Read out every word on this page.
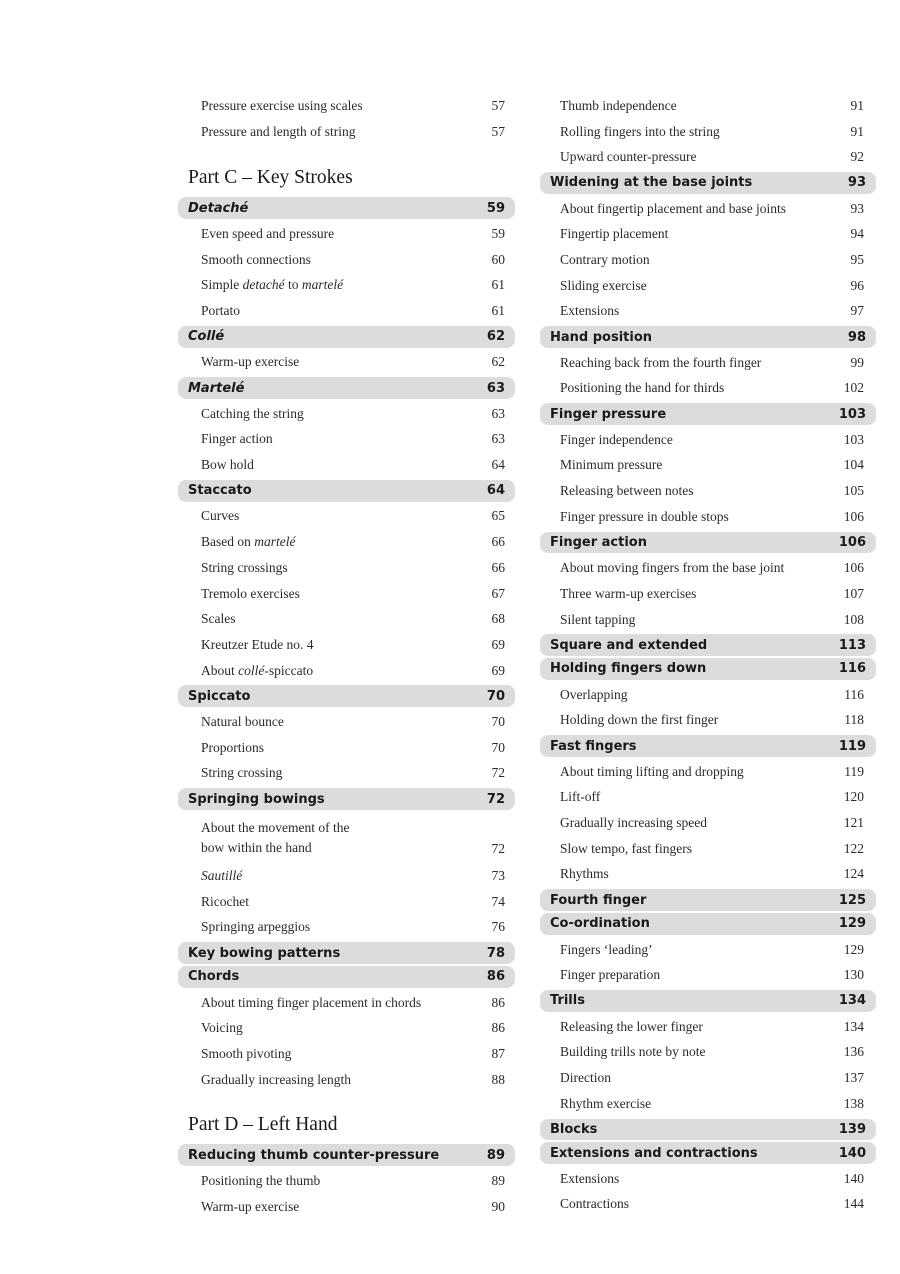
Pressure exercise using scales	57
Pressure and length of string	57
Part C – Key Strokes
Detaché	59
Even speed and pressure	59
Smooth connections	60
Simple detaché to martelé	61
Portato	61
Collé	62
Warm-up exercise	62
Martelé	63
Catching the string	63
Finger action	63
Bow hold	64
Staccato	64
Curves	65
Based on martelé	66
String crossings	66
Tremolo exercises	67
Scales	68
Kreutzer Etude no. 4	69
About collé-spiccato	69
Spiccato	70
Natural bounce	70
Proportions	70
String crossing	72
Springing bowings	72
About the movement of the
bow within the hand	72
Sautillé	73
Ricochet	74
Springing arpeggios	76
Key bowing patterns	78
Chords	86
About timing finger placement in chords	86
Voicing	86
Smooth pivoting	87
Gradually increasing length	88
Part D – Left Hand
Reducing thumb counter-pressure	89
Positioning the thumb	89
Warm-up exercise	90
Thumb independence	91
Rolling fingers into the string	91
Upward counter-pressure	92
Widening at the base joints	93
About fingertip placement and base joints	93
Fingertip placement	94
Contrary motion	95
Sliding exercise	96
Extensions	97
Hand position	98
Reaching back from the fourth finger	99
Positioning the hand for thirds	102
Finger pressure	103
Finger independence	103
Minimum pressure	104
Releasing between notes	105
Finger pressure in double stops	106
Finger action	106
About moving fingers from the base joint	106
Three warm-up exercises	107
Silent tapping	108
Square and extended	113
Holding fingers down	116
Overlapping	116
Holding down the first finger	118
Fast fingers	119
About timing lifting and dropping	119
Lift-off	120
Gradually increasing speed	121
Slow tempo, fast fingers	122
Rhythms	124
Fourth finger	125
Co-ordination	129
Fingers ‘leading’	129
Finger preparation	130
Trills	134
Releasing the lower finger	134
Building trills note by note	136
Direction	137
Rhythm exercise	138
Blocks	139
Extensions and contractions	140
Extensions	140
Contractions	144
